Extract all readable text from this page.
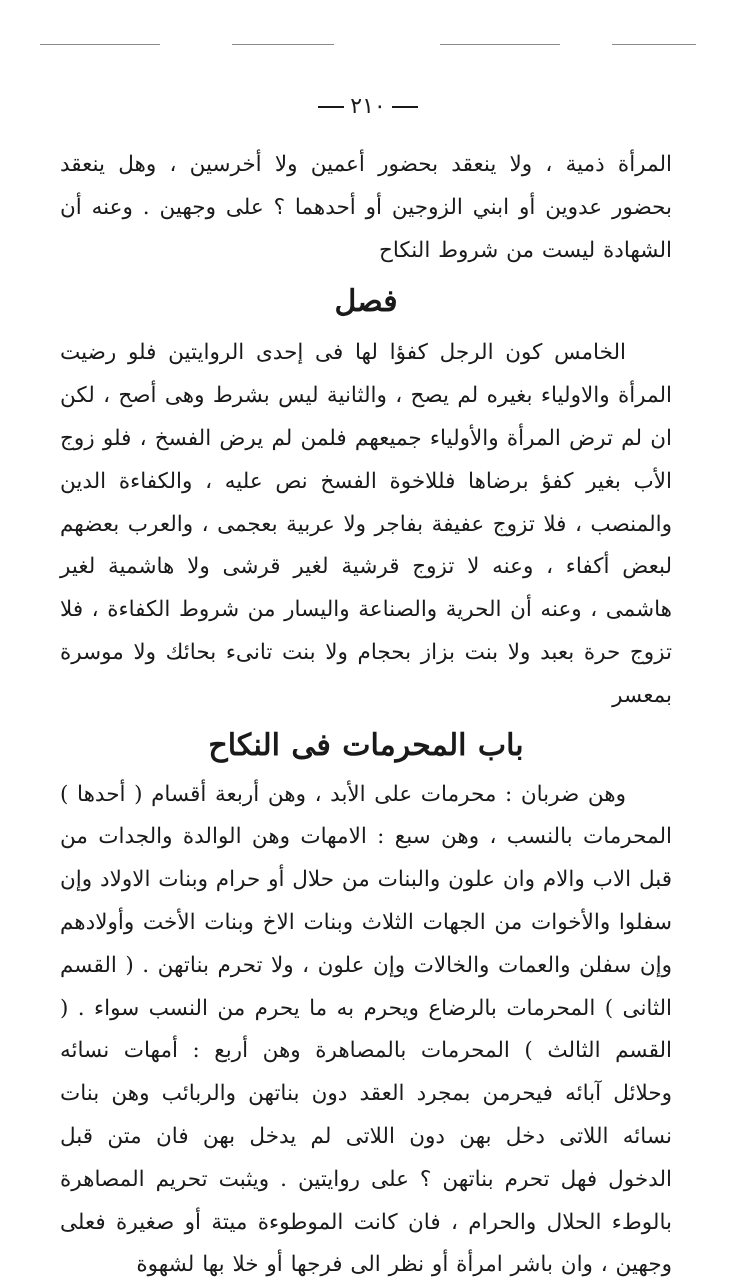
٢١٠

المرأة ذمية ، ولا ينعقد بحضور أعمين ولا أخرسين ، وهل ينعقد بحضور عدوين أو ابني الزوجين أو أحدهما ؟ على وجهين . وعنه أن الشهادة ليست من شروط النكاح

فصل

الخامس كون الرجل كفؤا لها فى إحدى الروايتين فلو رضيت المرأة والاولياء بغيره لم يصح ، والثانية ليس بشرط وهى أصح ، لكن ان لم ترض المرأة والأولياء جميعهم فلمن لم يرض الفسخ ، فلو زوج الأب بغير كفؤ برضاها فللاخوة الفسخ نص عليه ، والكفاءة الدين والمنصب ، فلا تزوج عفيفة بفاجر ولا عربية بعجمى ، والعرب بعضهم لبعض أكفاء ، وعنه لا تزوج قرشية لغير قرشى ولا هاشمية لغير هاشمى ، وعنه أن الحرية والصناعة واليسار من شروط الكفاءة ، فلا تزوج حرة بعبد ولا بنت بزاز بحجام ولا بنت تانىء بحائك ولا موسرة بمعسر

باب المحرمات فى النكاح

وهن ضربان : محرمات على الأبد ، وهن أربعة أقسام ( أحدها ) المحرمات بالنسب ، وهن سبع : الامهات وهن الوالدة والجدات من قبل الاب والام وان علون والبنات من حلال أو حرام وبنات الاولاد وإن سفلوا والأخوات من الجهات الثلاث وبنات الاخ وبنات الأخت وأولادهم وإن سفلن والعمات والخالات وإن علون ، ولا تحرم بناتهن . ( القسم الثانى ) المحرمات بالرضاع ويحرم به ما يحرم من النسب سواء . ( القسم الثالث ) المحرمات بالمصاهرة وهن أربع : أمهات نسائه وحلائل آبائه فيحرمن بمجرد العقد دون بناتهن والربائب وهن بنات نسائه اللاتى دخل بهن دون اللاتى لم يدخل بهن فان متن قبل الدخول فهل تحرم بناتهن ؟ على روايتين . ويثبت تحريم المصاهرة بالوطء الحلال والحرام ، فان كانت الموطوءة ميتة أو صغيرة فعلى وجهين ، وان باشر امرأة أو نظر الى فرجها أو خلا بها لشهوة
